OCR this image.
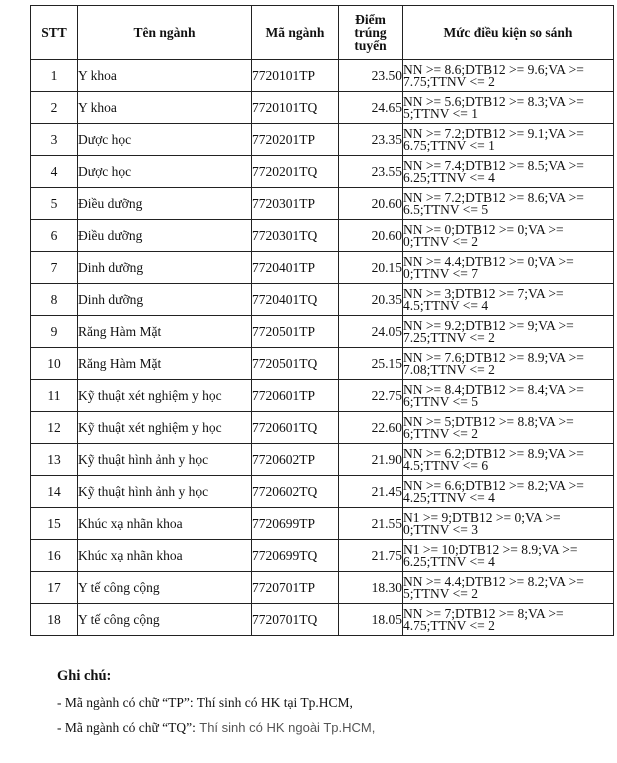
STT	Tên ngành	Mã ngành	Điểm
trúng
tuyển	Mức điều kiện so sánh
1	Y khoa	7720101TP	23.50	NN >= 8.6;DTB12 >= 9.6;VA >=
7.75;TTNV <= 2
2	Y khoa	7720101TQ	24.65	NN >= 5.6;DTB12 >= 8.3;VA >=
5;TTNV <= 1
3	Dược học	7720201TP	23.35	NN >= 7.2;DTB12 >= 9.1;VA >=
6.75;TTNV <= 1
4	Dược học	7720201TQ	23.55	NN >= 7.4;DTB12 >= 8.5;VA >=
6.25;TTNV <= 4
5	Điều dưỡng	7720301TP	20.60	NN >= 7.2;DTB12 >= 8.6;VA >=
6.5;TTNV <= 5
6	Điều dưỡng	7720301TQ	20.60	NN >= 0;DTB12 >= 0;VA >=
0;TTNV <= 2
7	Dinh dưỡng	7720401TP	20.15	NN >= 4.4;DTB12 >= 0;VA >=
0;TTNV <= 7
8	Dinh dưỡng	7720401TQ	20.35	NN >= 3;DTB12 >= 7;VA >=
4.5;TTNV <= 4
9	Răng Hàm Mặt	7720501TP	24.05	NN >= 9.2;DTB12 >= 9;VA >=
7.25;TTNV <= 2
10	Răng Hàm Mặt	7720501TQ	25.15	NN >= 7.6;DTB12 >= 8.9;VA >=
7.08;TTNV <= 2
11	Kỹ thuật xét nghiệm y học	7720601TP	22.75	NN >= 8.4;DTB12 >= 8.4;VA >=
6;TTNV <= 5
12	Kỹ thuật xét nghiệm y học	7720601TQ	22.60	NN >= 5;DTB12 >= 8.8;VA >=
6;TTNV <= 2
13	Kỹ thuật hình ảnh y học	7720602TP	21.90	NN >= 6.2;DTB12 >= 8.9;VA >=
4.5;TTNV <= 6
14	Kỹ thuật hình ảnh y học	7720602TQ	21.45	NN >= 6.6;DTB12 >= 8.2;VA >=
4.25;TTNV <= 4
15	Khúc xạ nhãn khoa	7720699TP	21.55	N1 >= 9;DTB12 >= 0;VA >=
0;TTNV <= 3
16	Khúc xạ nhãn khoa	7720699TQ	21.75	N1 >= 10;DTB12 >= 8.9;VA >=
6.25;TTNV <= 4
17	Y tế công cộng	7720701TP	18.30	NN >= 4.4;DTB12 >= 8.2;VA >=
5;TTNV <= 2
18	Y tế công cộng	7720701TQ	18.05	NN >= 7;DTB12 >= 8;VA >=
4.75;TTNV <= 2
Ghi chú:
- Mã ngành có chữ “TP”: Thí sinh có HK tại Tp.HCM,
- Mã ngành có chữ “TQ”: Thí sinh có HK ngoài Tp.HCM,
